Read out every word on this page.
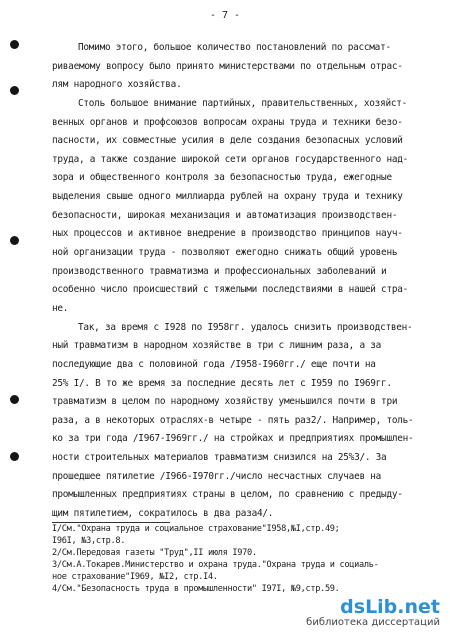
- 7 -
Помимо этого, большое количество постановлений по рассмат-
риваемому вопросу было принято министерствами по отдельным отрас-
лям народного хозяйства.
Столь большое внимание партийных, правительственных, хозяйст-
венных органов и профсоюзов вопросам охраны труда и техники безо-
пасности, их совместные усилия в деле создания безопасных условий
труда, а также создание широкой сети органов государственного над-
зора и общественного контроля за безопасностью труда, ежегодные
выделения свыше одного миллиарда рублей на охрану труда и технику
безопасности, широкая механизация и автоматизация производствен-
ных процессов и активное внедрение в производство принципов науч-
ной организации труда - позволяют ежегодно снижать общий уровень
производственного травматизма и профессиональных заболеваний и
особенно число происшествий с тяжелыми последствиями в нашей стра-
не.
Так, за время с I928 по I958гг. удалось снизить производствен-
ный травматизм в народном хозяйстве в три с лишним раза, а за
последующие два с половиной года /I958-I960гг./ еще почти на
25% I/. В то же время за последние десять лет с I959 по I969гг.
травматизм в целом по народному хозяйству уменьшился почти в три
раза, а в некоторых отраслях-в четыре - пять раз2/. Например, толь-
ко за три года /I967-I969гг./ на стройках и предприятиях промышлен-
ности строительных материалов травматизм снизился на 25%3/. За
прошедшее пятилетие /I966-I970гг./число несчастных случаев на
промышленных предприятиях страны в целом, по сравнению с предыду-
щим пятилетием, сократилось в два раза4/.
I/См."Охрана труда и социальное страхование"I958,№I,стр.49;
I96I, №3,стр.8.
2/См.Передовая газеты "Труд",II июля I970.
3/См.А.Токарев.Министерство и охрана труда."Охрана труда и социаль-
ное страхование"I969, №I2, стр.I4.
4/См."Безопасность труда в промышленности" I97I, №9,стр.59.
dsLib.net
библиотека диссертаций
